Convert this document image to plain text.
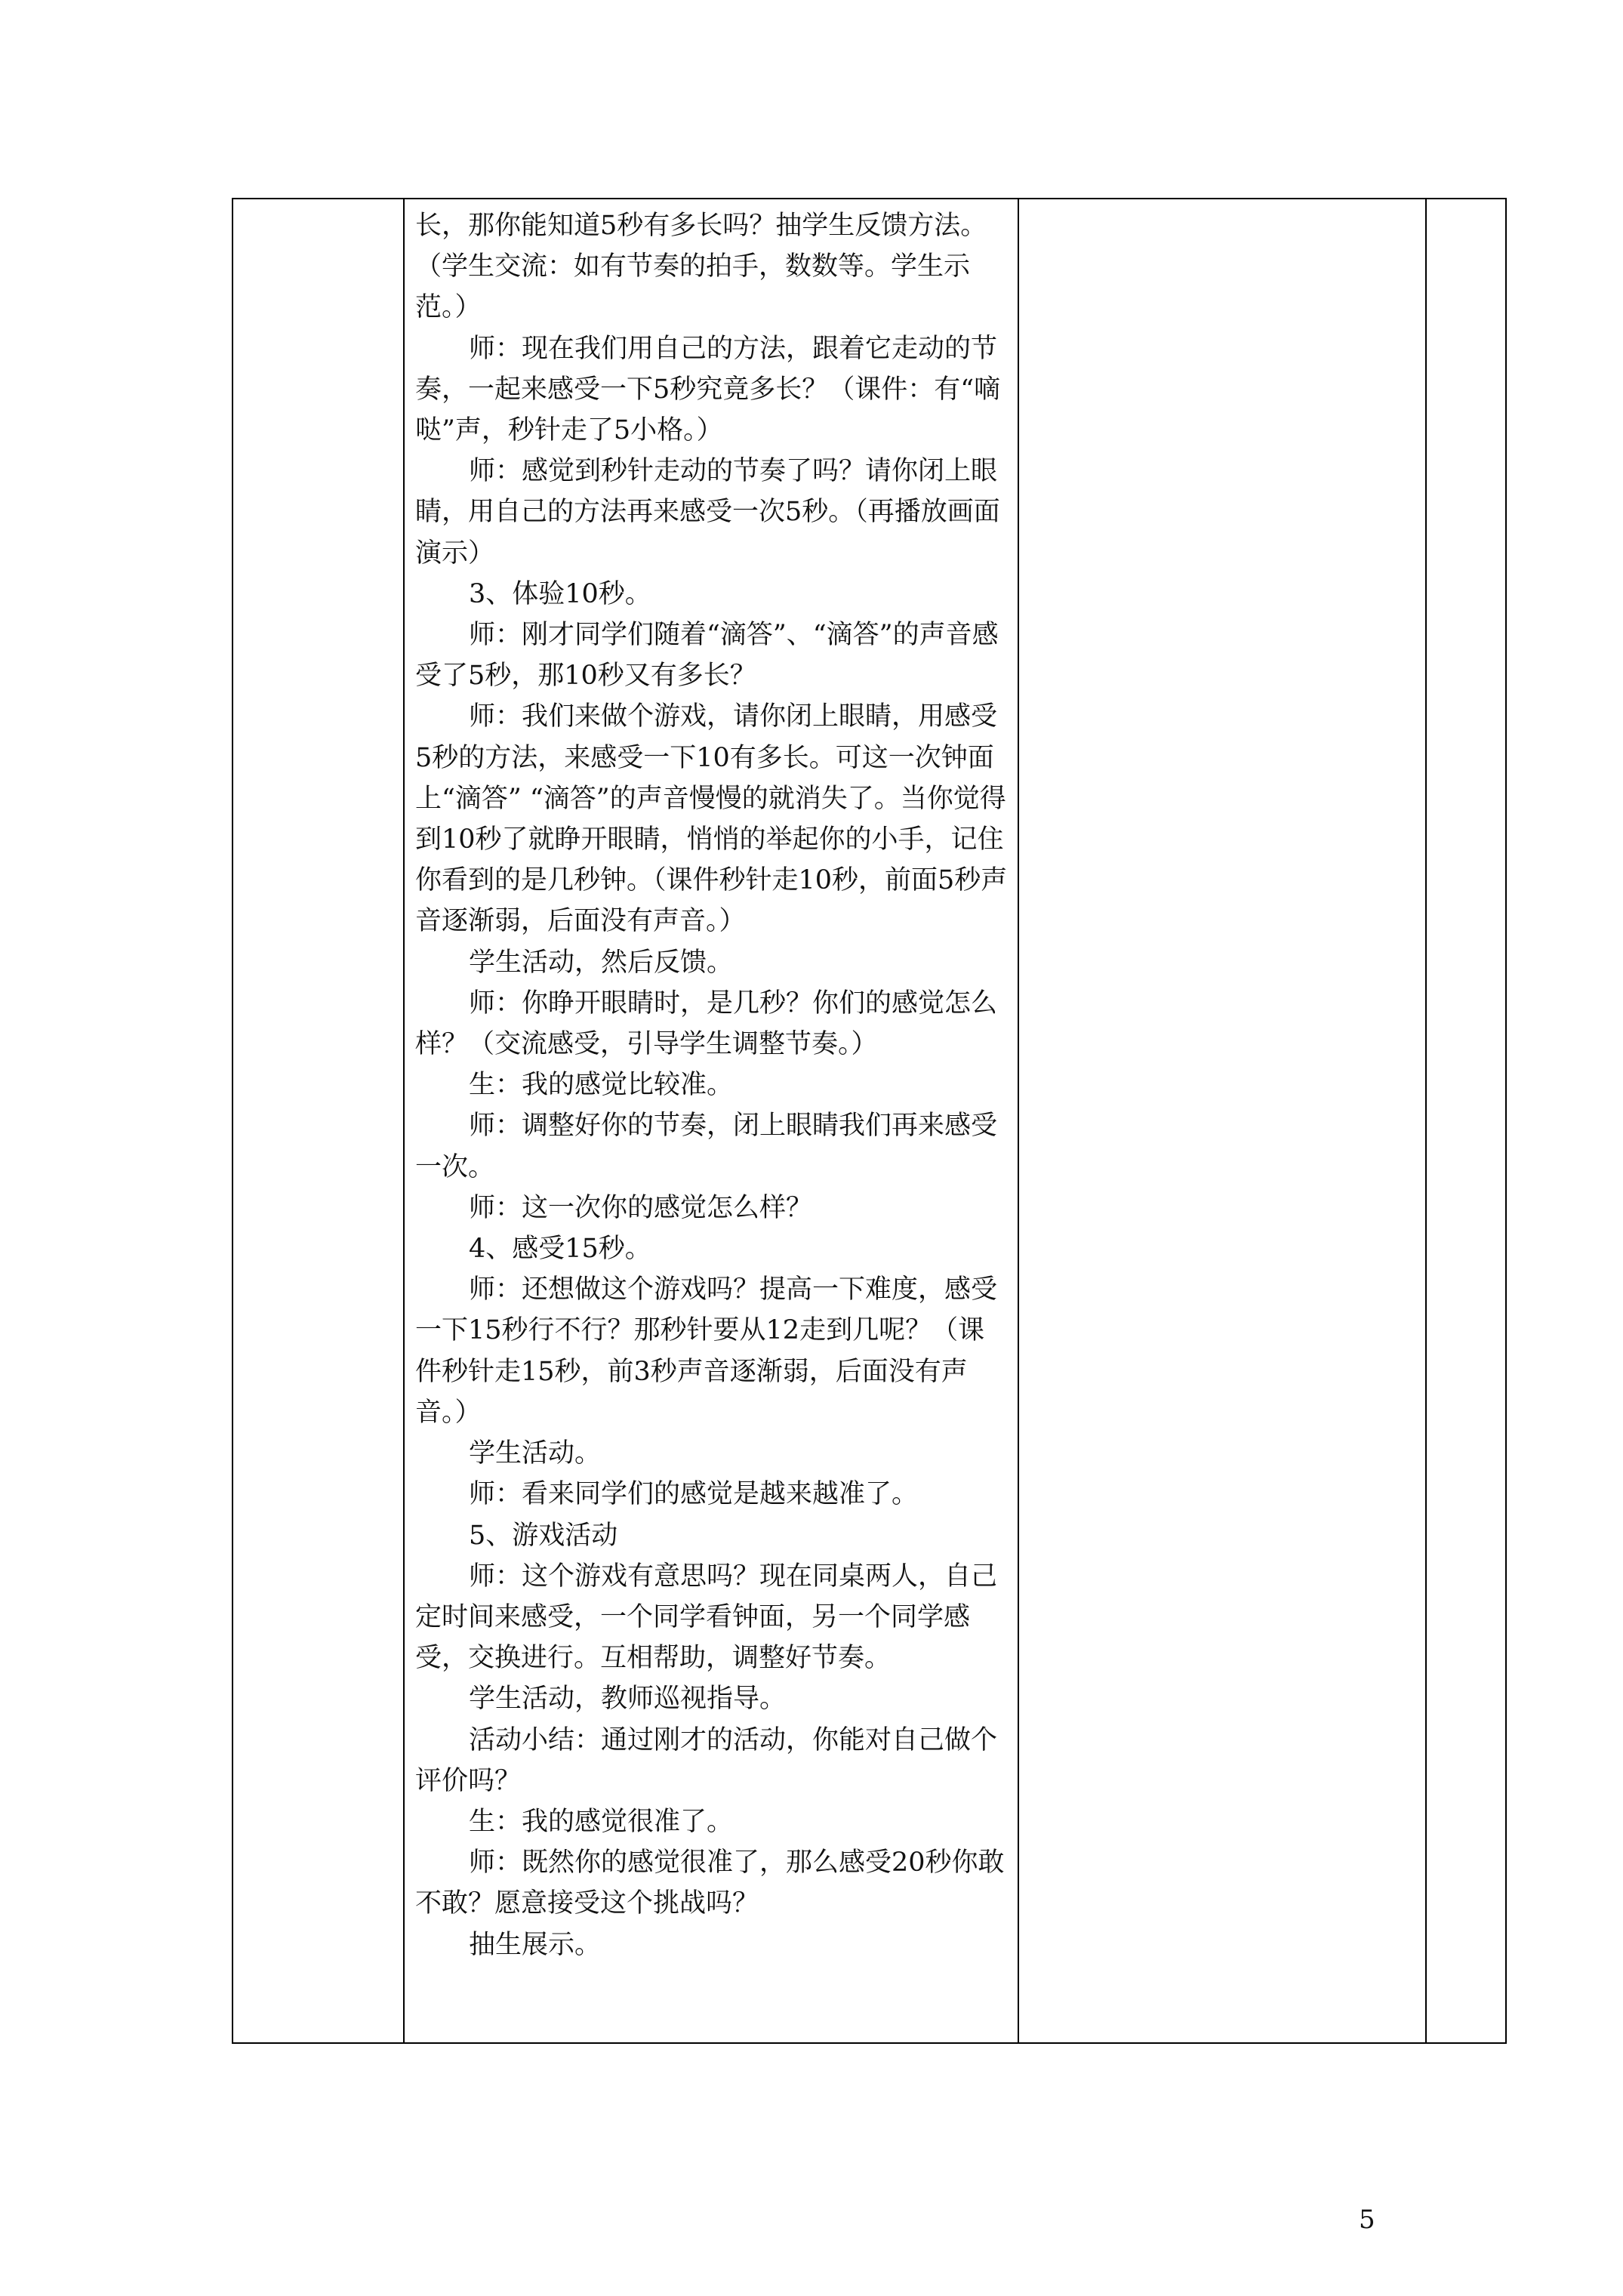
长，那你能知道5秒有多长吗？抽学生反馈方法。（学生交流：如有节奏的拍手，数数等。学生示范。）

师：现在我们用自己的方法，跟着它走动的节奏，一起来感受一下5秒究竟多长？（课件：有“嘀哒”声，秒针走了5小格。）

师：感觉到秒针走动的节奏了吗？请你闭上眼睛，用自己的方法再来感受一次5秒。（再播放画面演示）

3、体验10秒。

师：刚才同学们随着“滴答”、“滴答”的声音感受了5秒，那10秒又有多长？

师：我们来做个游戏，请你闭上眼睛，用感受5秒的方法，来感受一下10有多长。可这一次钟面上“滴答” “滴答”的声音慢慢的就消失了。当你觉得到10秒了就睁开眼睛，悄悄的举起你的小手，记住你看到的是几秒钟。（课件秒针走10秒，前面5秒声音逐渐弱，后面没有声音。）

学生活动，然后反馈。

师：你睁开眼睛时，是几秒？你们的感觉怎么样？（交流感受，引导学生调整节奏。）

生：我的感觉比较准。

师：调整好你的节奏，闭上眼睛我们再来感受一次。

师：这一次你的感觉怎么样？

4、感受15秒。

师：还想做这个游戏吗？提高一下难度，感受一下15秒行不行？那秒针要从12走到几呢？（课件秒针走15秒，前3秒声音逐渐弱，后面没有声音。）

学生活动。

师：看来同学们的感觉是越来越准了。

5、游戏活动

师：这个游戏有意思吗？现在同桌两人，自己定时间来感受，一个同学看钟面，另一个同学感受，交换进行。互相帮助，调整好节奏。

学生活动，教师巡视指导。

活动小结：通过刚才的活动，你能对自己做个评价吗？

生：我的感觉很准了。

师：既然你的感觉很准了，那么感受20秒你敢不敢？愿意接受这个挑战吗？

抽生展示。

5
